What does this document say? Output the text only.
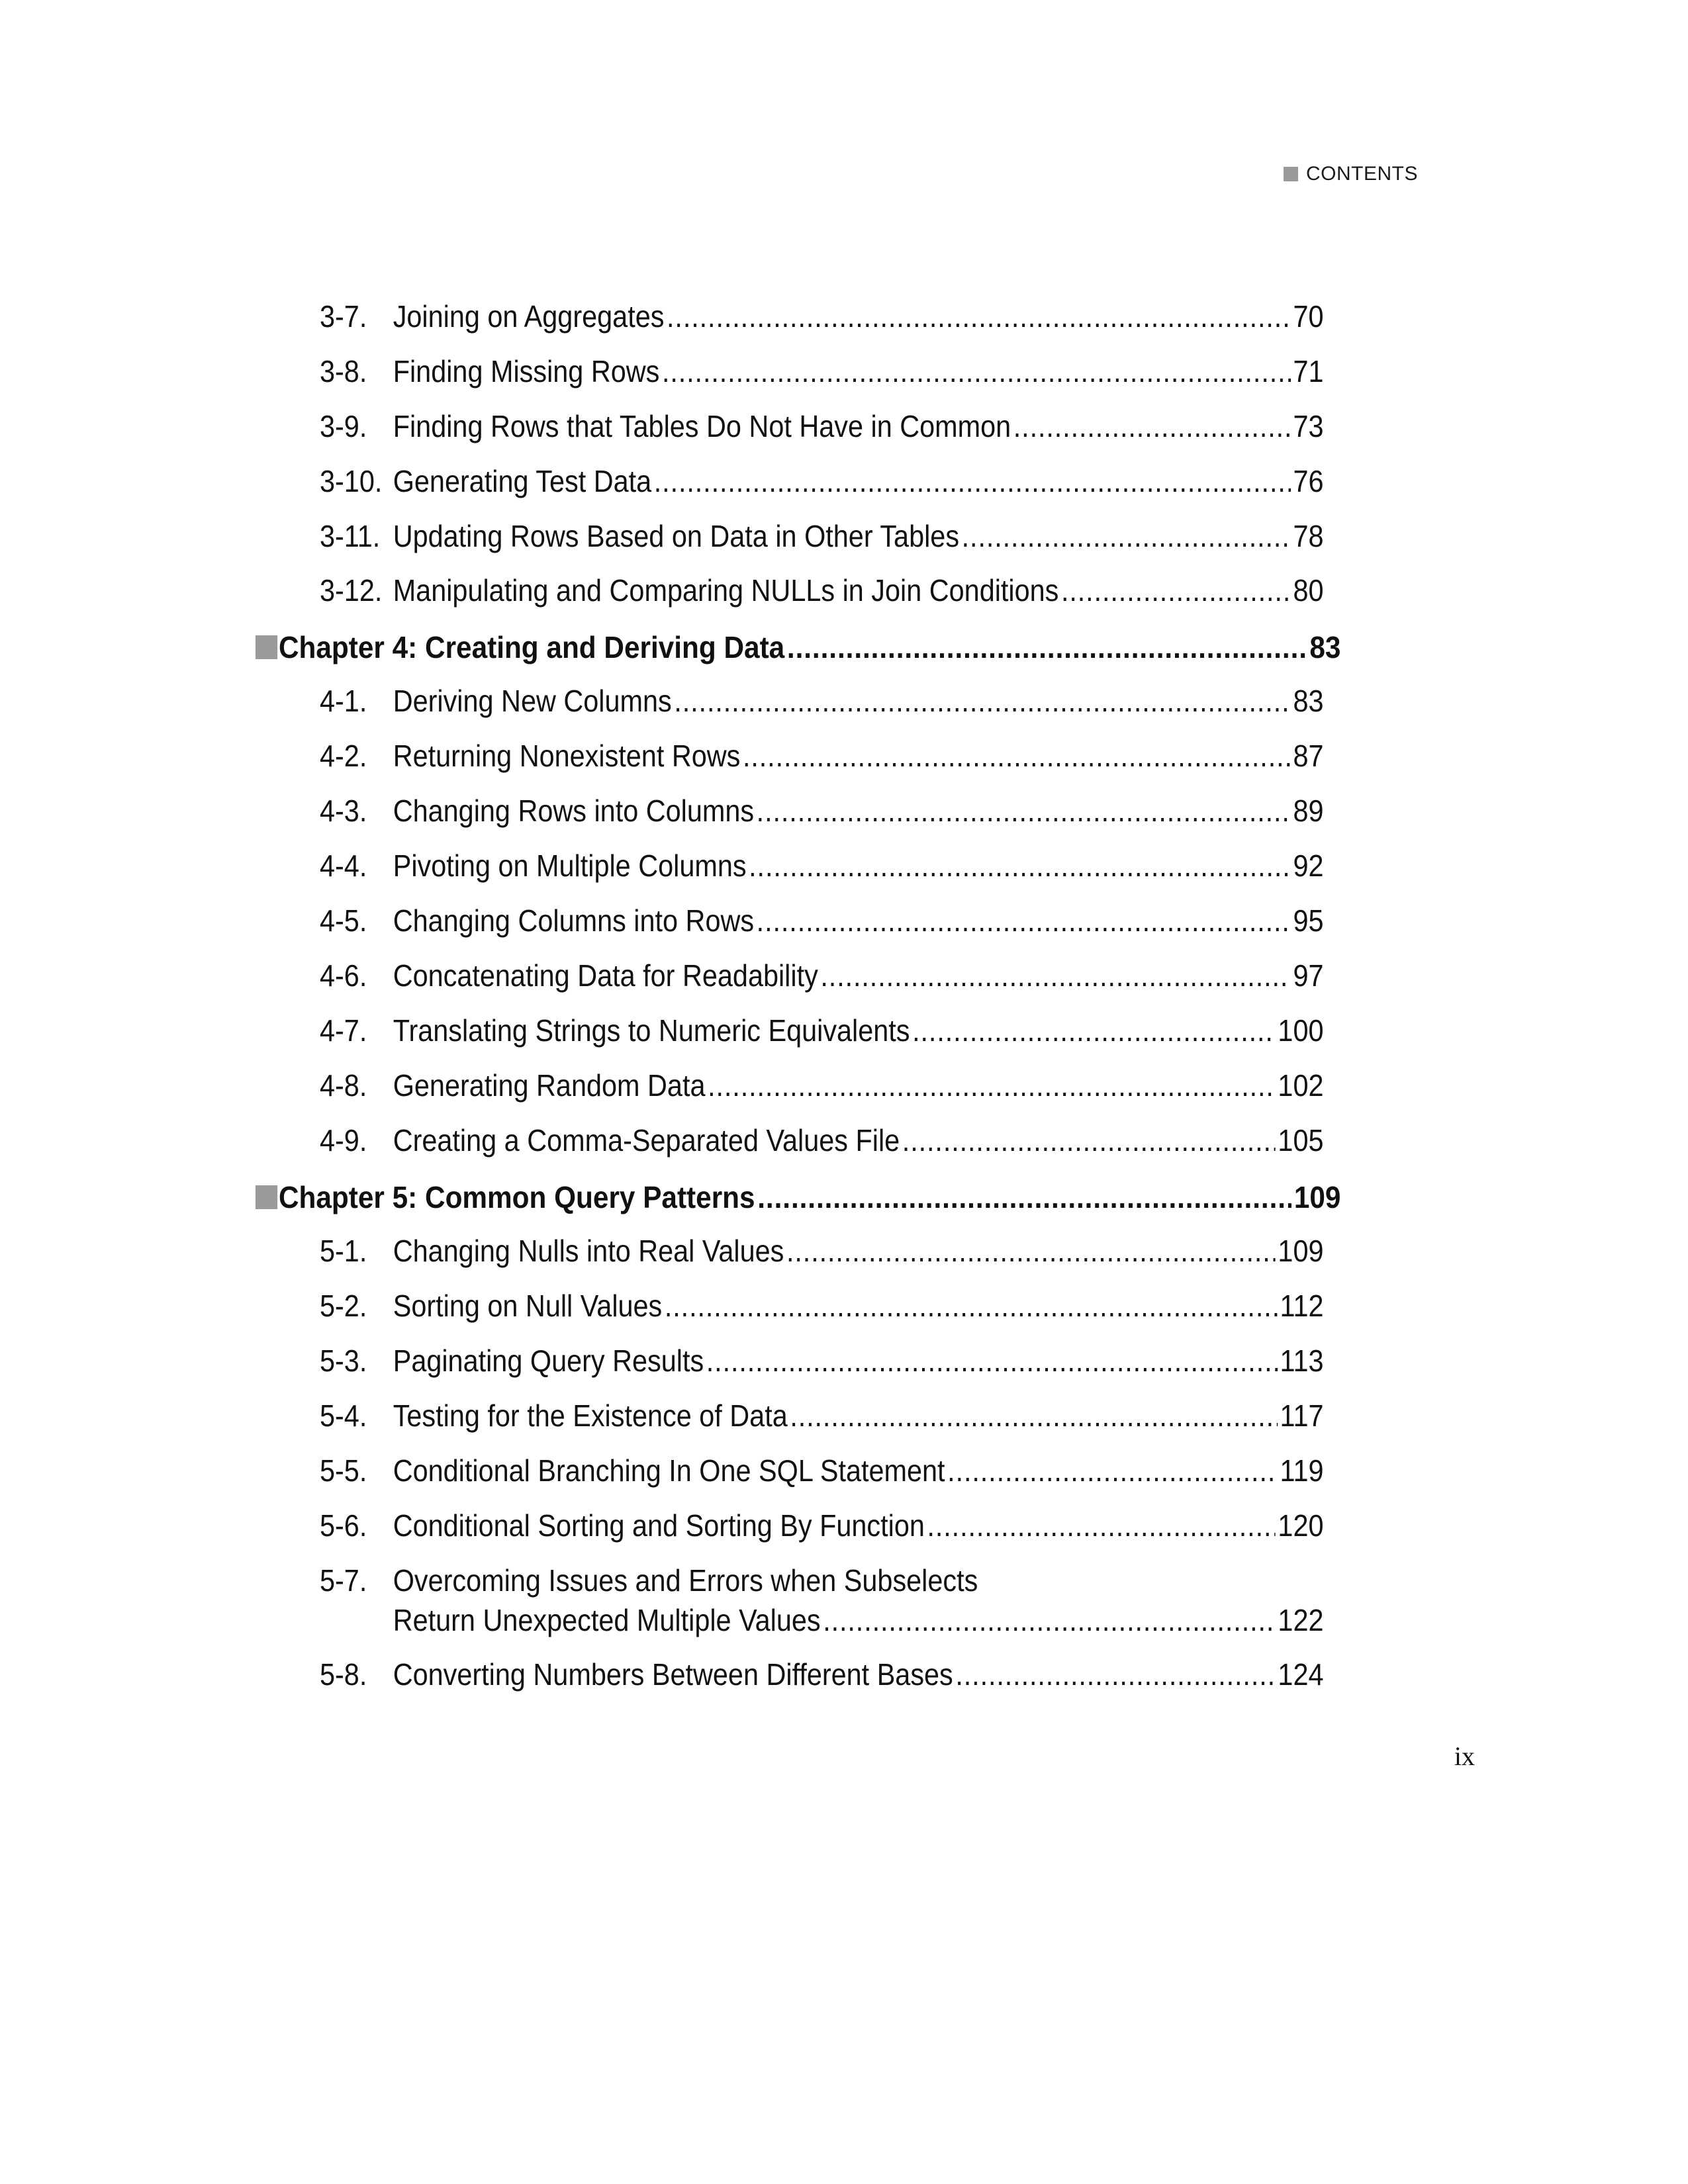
CONTENTS
3-7. Joining on Aggregates .....	70
3-8. Finding Missing Rows .....	71
3-9. Finding Rows that Tables Do Not Have in Common .....	73
3-10. Generating Test Data .....	76
3-11. Updating Rows Based on Data in Other Tables .....	78
3-12. Manipulating and Comparing NULLs in Join Conditions .....	80
Chapter 4: Creating and Deriving Data .....	83
4-1. Deriving New Columns .....	83
4-2. Returning Nonexistent Rows .....	87
4-3. Changing Rows into Columns .....	89
4-4. Pivoting on Multiple Columns .....	92
4-5. Changing Columns into Rows .....	95
4-6. Concatenating Data for Readability .....	97
4-7. Translating Strings to Numeric Equivalents .....	100
4-8. Generating Random Data .....	102
4-9. Creating a Comma-Separated Values File .....	105
Chapter 5: Common Query Patterns .....	109
5-1. Changing Nulls into Real Values .....	109
5-2. Sorting on Null Values .....	112
5-3. Paginating Query Results .....	113
5-4. Testing for the Existence of Data .....	117
5-5. Conditional Branching In One SQL Statement .....	119
5-6. Conditional Sorting and Sorting By Function .....	120
5-7. Overcoming Issues and Errors when Subselects
Return Unexpected Multiple Values .....	122
5-8. Converting Numbers Between Different Bases .....	124
ix
